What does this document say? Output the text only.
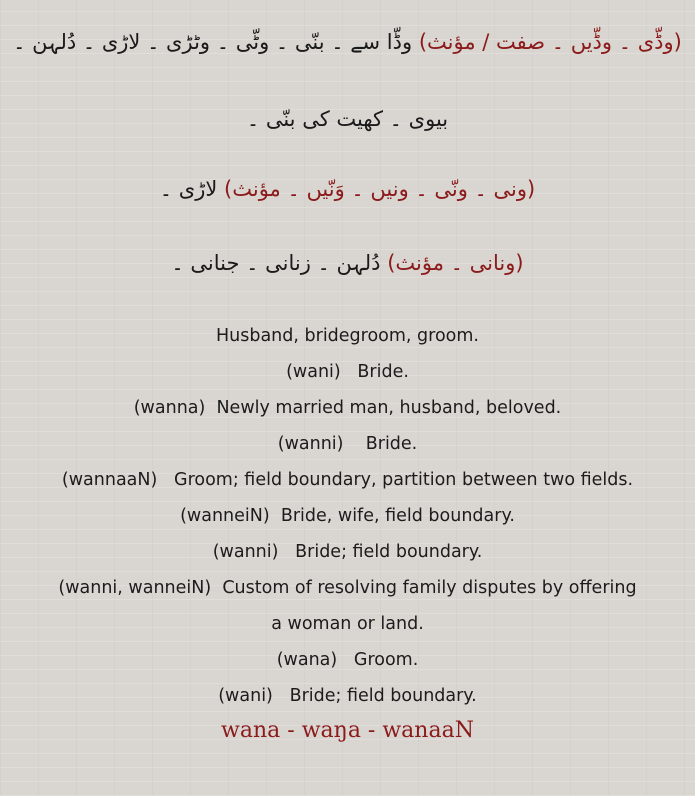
(وڈّی ۔ وڈّیں ۔ صفت / مؤنث) وڈّا سے ۔ بنّی ۔ وٹّی ۔ وٹڑی ۔ لاڑی ۔ دُلہن ۔
بیوی ۔ کھیت کی بنّی ۔
(ونی ۔ ونّی ۔ ونیں ۔ وَنّیں ۔ مؤنث) لاڑی ۔
(ونانی ۔ مؤنث) دُلہن ۔ زنانی ۔ جنانی ۔
Husband, bridegroom, groom.
(wani)   Bride.
(wanna)  Newly married man, husband, beloved.
(wanni)    Bride.
(wannaaN)   Groom; field boundary, partition between two fields.
(wanneiN)  Bride, wife, field boundary.
(wanni)   Bride; field boundary.
(wanni, wanneiN)  Custom of resolving family disputes by offering
a woman or land.
(wana)   Groom.
(wani)   Bride; field boundary.
wana - waŋa - wanaaN
